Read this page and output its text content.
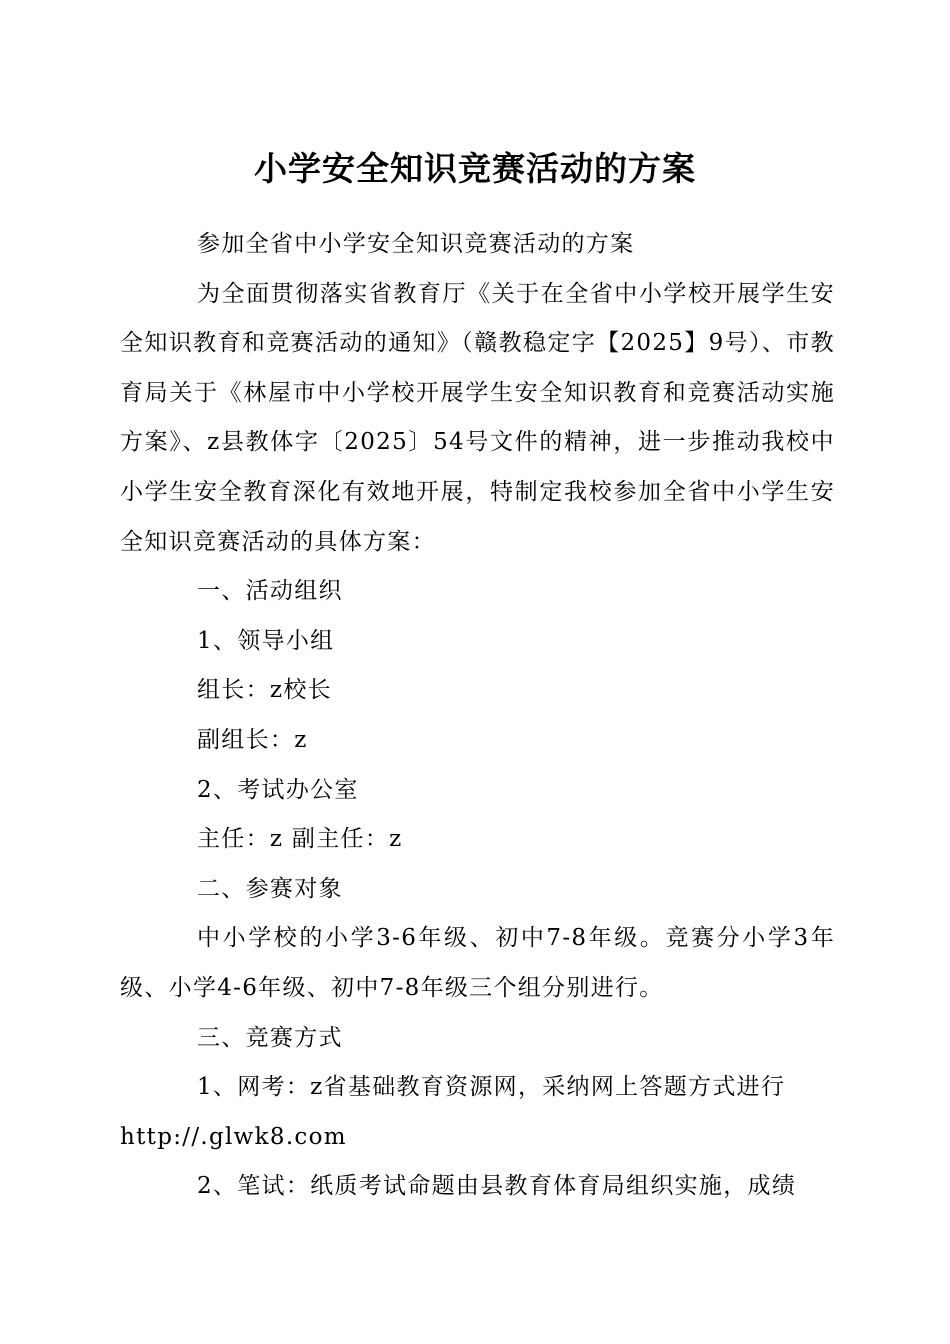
小学安全知识竞赛活动的方案

参加全省中小学安全知识竞赛活动的方案

为全面贯彻落实省教育厅《关于在全省中小学校开展学生安全知识教育和竞赛活动的通知》（赣教稳定字【2025】9号）、市教育局关于《林屋市中小学校开展学生安全知识教育和竞赛活动实施方案》、z县教体字〔2025〕54号文件的精神，进一步推动我校中小学生安全教育深化有效地开展，特制定我校参加全省中小学生安全知识竞赛活动的具体方案：

一、活动组织

1、领导小组

组长：z校长

副组长：z

2、考试办公室

主任：z 副主任：z

二、参赛对象

中小学校的小学3-6年级、初中7-8年级。竞赛分小学3年级、小学4-6年级、初中7-8年级三个组分别进行。

三、竞赛方式

1、网考：z省基础教育资源网，采纳网上答题方式进行

http://.glwk8.com

2、笔试：纸质考试命题由县教育体育局组织实施，成绩
